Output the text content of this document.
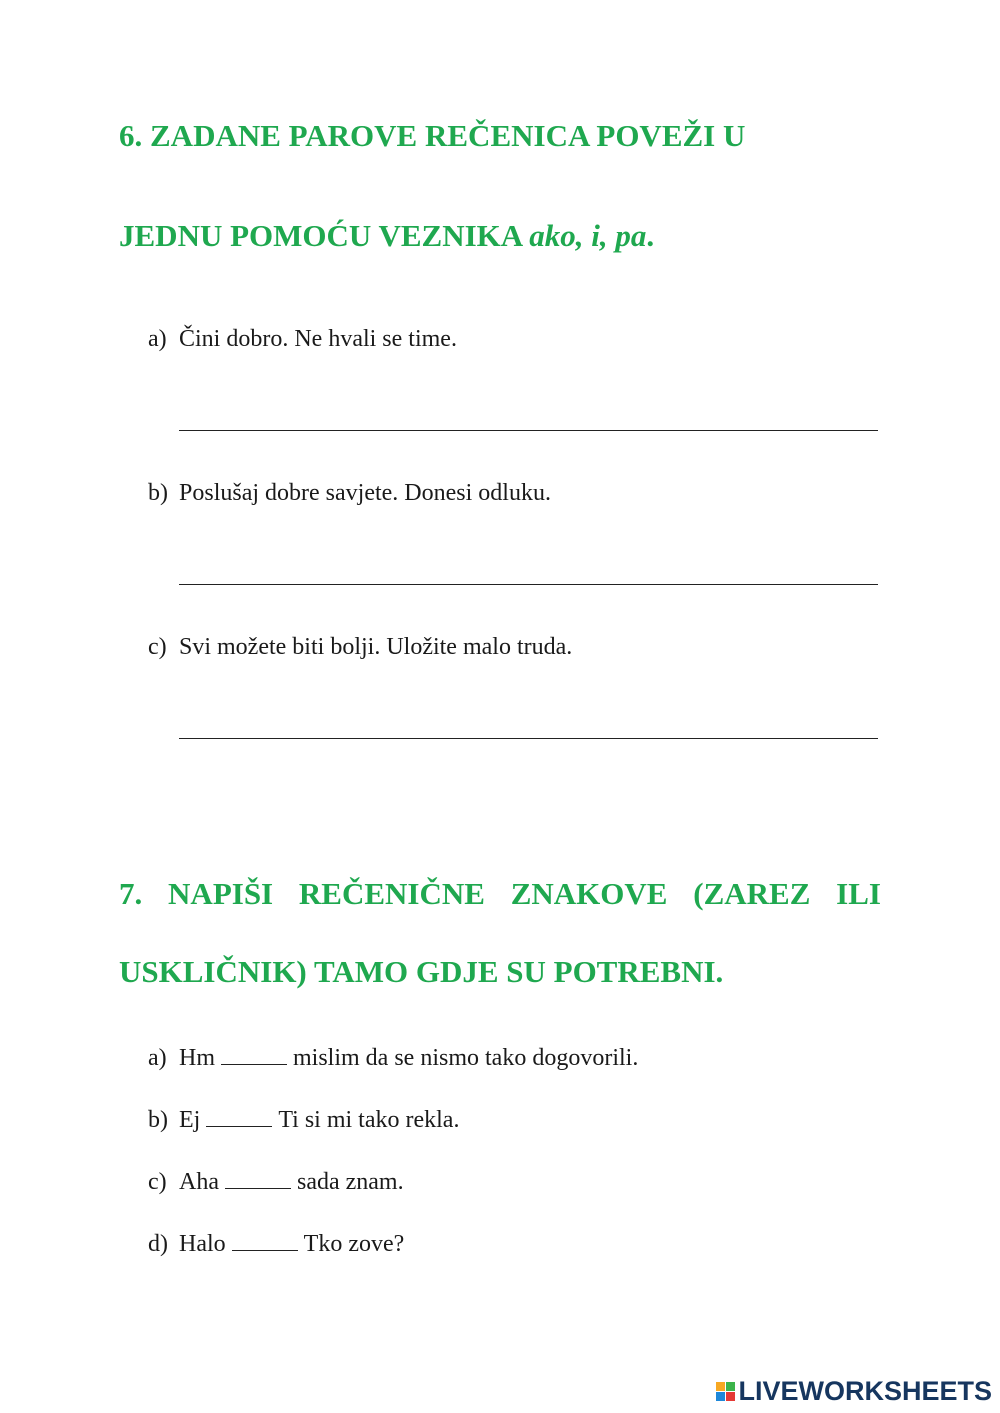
6. ZADANE PAROVE REČENICA POVEŽI U
JEDNU POMOĆU VEZNIKA ako, i, pa.
a) Čini dobro. Ne hvali se time.
b) Poslušaj dobre savjete. Donesi odluku.
c) Svi možete biti bolji. Uložite malo truda.
7. NAPIŠI REČENIČNE ZNAKOVE (ZAREZ ILI
USKLIČNIK) TAMO GDJE SU POTREBNI.
a) Hm	mislim da se nismo tako dogovorili.
b) Ej	Ti si mi tako rekla.
c) Aha	sada znam.
d) Halo	Tko zove?
LIVEWORKSHEETS
